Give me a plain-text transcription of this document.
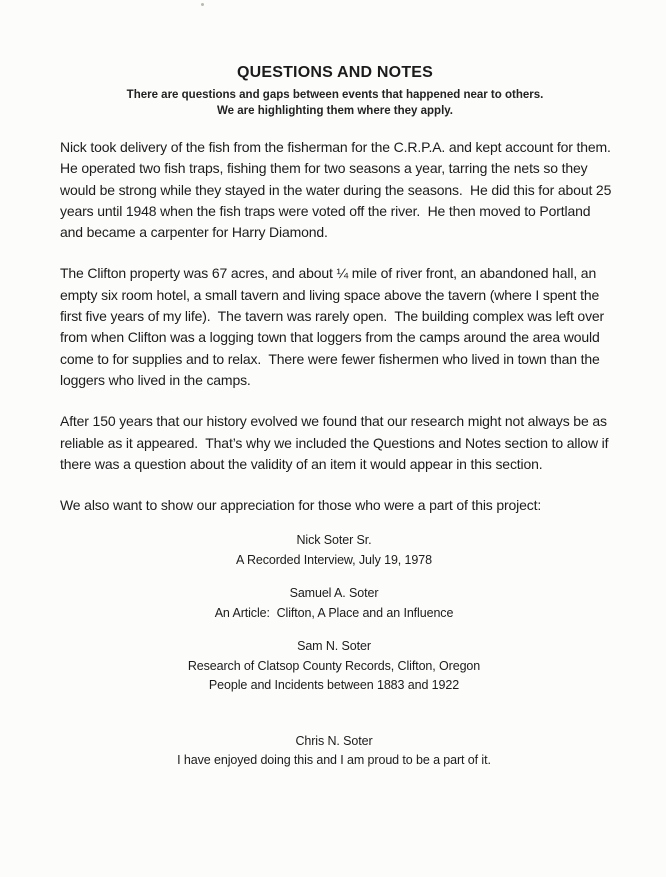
QUESTIONS AND NOTES

There are questions and gaps between events that happened near to others.

We are highlighting them where they apply.

Nick took delivery of the fish from the fisherman for the C.R.P.A. and kept account for them.  He operated two fish traps, fishing them for two seasons a year, tarring the nets so they would be strong while they stayed in the water during the seasons.  He did this for about 25 years until 1948 when the fish traps were voted off the river.  He then moved to Portland and became a carpenter for Harry Diamond.

The Clifton property was 67 acres, and about ¼ mile of river front, an abandoned hall, an empty six room hotel, a small tavern and living space above the tavern (where I spent the first five years of my life).  The tavern was rarely open.  The building complex was left over from when Clifton was a logging town that loggers from the camps around the area would come to for supplies and to relax.  There were fewer fishermen who lived in town than the loggers who lived in the camps.

After 150 years that our history evolved we found that our research might not always be as reliable as it appeared.  That’s why we included the Questions and Notes section to allow if there was a question about the validity of an item it would appear in this section.

We also want to show our appreciation for those who were a part of this project:

Nick Soter Sr.

A Recorded Interview, July 19, 1978

Samuel A. Soter

An Article:  Clifton, A Place and an Influence

Sam N. Soter

Research of Clatsop County Records, Clifton, Oregon

People and Incidents between 1883 and 1922

Chris N. Soter

I have enjoyed doing this and I am proud to be a part of it.
